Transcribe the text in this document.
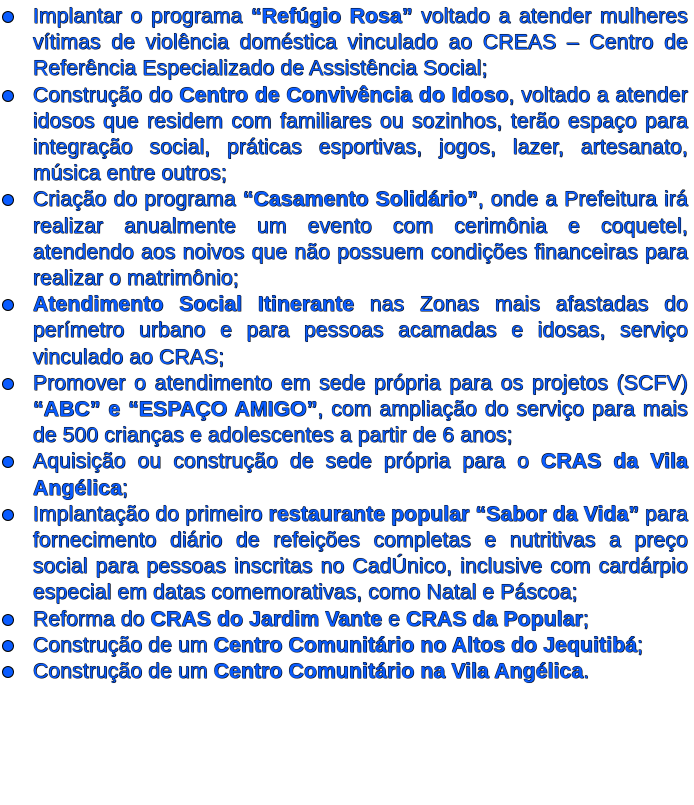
Implantar o programa “Refúgio Rosa” voltado a atender mulheres vítimas de violência doméstica vinculado ao CREAS – Centro de Referência Especializado de Assistência Social;
Construção do Centro de Convivência do Idoso, voltado a atender idosos que residem com familiares ou sozinhos, terão espaço para integração social, práticas esportivas, jogos, lazer, artesanato, música entre outros;
Criação do programa “Casamento Solidário”, onde a Prefeitura irá realizar anualmente um evento com cerimônia e coquetel, atendendo aos noivos que não possuem condições financeiras para realizar o matrimônio;
Atendimento Social Itinerante nas Zonas mais afastadas do perímetro urbano e para pessoas acamadas e idosas, serviço vinculado ao CRAS;
Promover o atendimento em sede própria para os projetos (SCFV) “ABC” e “ESPAÇO AMIGO”, com ampliação do serviço para mais de 500 crianças e adolescentes a partir de 6 anos;
Aquisição ou construção de sede própria para o CRAS da Vila Angélica;
Implantação do primeiro restaurante popular “Sabor da Vida” para fornecimento diário de refeições completas e nutritivas a preço social para pessoas inscritas no CadÚnico, inclusive com cardárpio especial em datas comemorativas, como Natal e Páscoa;
Reforma do CRAS do Jardim Vante e CRAS da Popular;
Construção de um Centro Comunitário no Altos do Jequitibá;
Construção de um Centro Comunitário na Vila Angélica.
